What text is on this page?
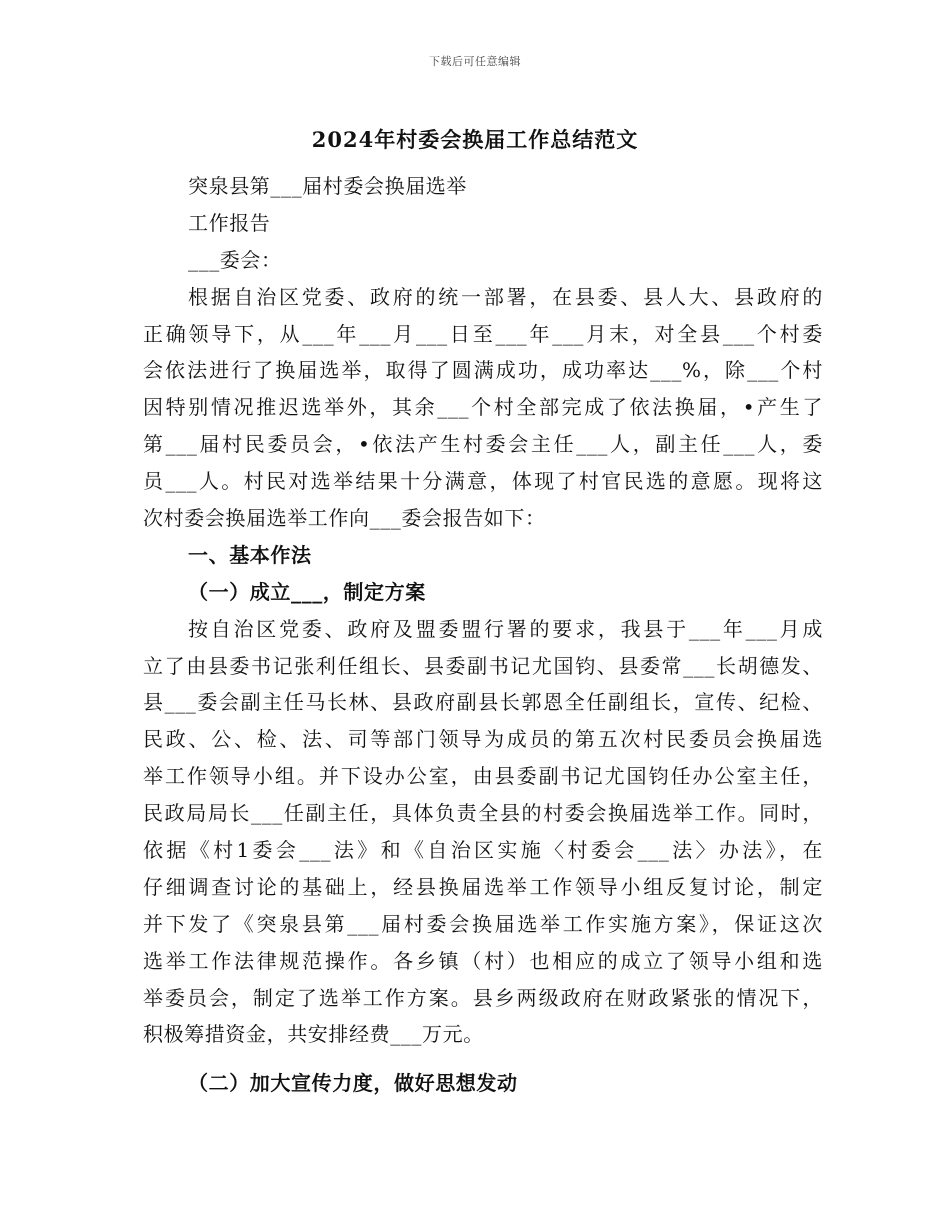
下载后可任意编辑
2024年村委会换届工作总结范文
突泉县第___届村委会换届选举
工作报告
___委会：
根据自治区党委、政府的统一部署，在县委、县人大、县政府的
正确领导下，从___年___月___日至___年___月末，对全县___个村委
会依法进行了换届选举，取得了圆满成功，成功率达___%，除___个村
因特别情况推迟选举外，其余___个村全部完成了依法换届，•产生了
第___届村民委员会，•依法产生村委会主任___人，副主任___人，委
员___人。村民对选举结果十分满意，体现了村官民选的意愿。现将这
次村委会换届选举工作向___委会报告如下：
一、基本作法
（一）成立___，制定方案
按自治区党委、政府及盟委盟行署的要求，我县于___年___月成
立了由县委书记张利任组长、县委副书记尤国钧、县委常___长胡德发、
县___委会副主任马长林、县政府副县长郭恩全任副组长，宣传、纪检、
民政、公、检、法、司等部门领导为成员的第五次村民委员会换届选
举工作领导小组。并下设办公室，由县委副书记尤国钧任办公室主任，
民政局局长___任副主任，具体负责全县的村委会换届选举工作。同时，
依据《村1委会___法》和《自治区实施〈村委会___法〉办法》，在
仔细调查讨论的基础上，经县换届选举工作领导小组反复讨论，制定
并下发了《突泉县第___届村委会换届选举工作实施方案》，保证这次
选举工作法律规范操作。各乡镇（村）也相应的成立了领导小组和选
举委员会，制定了选举工作方案。县乡两级政府在财政紧张的情况下，
积极筹措资金，共安排经费___万元。
（二）加大宣传力度，做好思想发动
